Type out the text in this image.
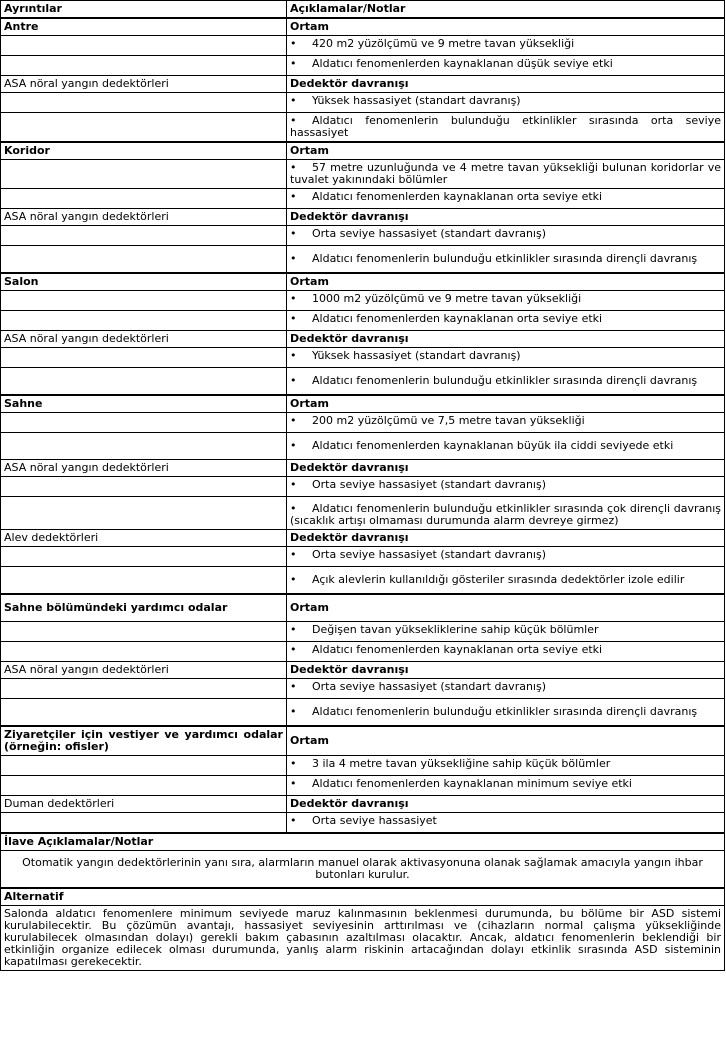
Ayrıntılar	Açıklamalar/Notlar
Antre	Ortam
	• 420 m2 yüzölçümü ve 9 metre tavan yüksekliği
	• Aldatıcı fenomenlerden kaynaklanan düşük seviye etki
ASA nöral yangın dedektörleri	Dedektör davranışı
	• Yüksek hassasiyet (standart davranış)
	• Aldatıcı fenomenlerin bulunduğu etkinlikler sırasında orta seviye hassasiyet
Koridor	Ortam
	• 57 metre uzunluğunda ve 4 metre tavan yüksekliği bulunan koridorlar ve tuvalet yakınındaki bölümler
	• Aldatıcı fenomenlerden kaynaklanan orta seviye etki
ASA nöral yangın dedektörleri	Dedektör davranışı
	• Orta seviye hassasiyet (standart davranış)
	• Aldatıcı fenomenlerin bulunduğu etkinlikler sırasında dirençli davranış
Salon	Ortam
	• 1000 m2 yüzölçümü ve 9 metre tavan yüksekliği
	• Aldatıcı fenomenlerden kaynaklanan orta seviye etki
ASA nöral yangın dedektörleri	Dedektör davranışı
	• Yüksek hassasiyet (standart davranış)
	• Aldatıcı fenomenlerin bulunduğu etkinlikler sırasında dirençli davranış
Sahne	Ortam
	• 200 m2 yüzölçümü ve 7,5 metre tavan yüksekliği
	• Aldatıcı fenomenlerden kaynaklanan büyük ila ciddi seviyede etki
ASA nöral yangın dedektörleri	Dedektör davranışı
	• Orta seviye hassasiyet (standart davranış)
	• Aldatıcı fenomenlerin bulunduğu etkinlikler sırasında çok dirençli davranış (sıcaklık artışı olmaması durumunda alarm devreye girmez)
Alev dedektörleri	Dedektör davranışı
	• Orta seviye hassasiyet (standart davranış)
	• Açık alevlerin kullanıldığı gösteriler sırasında dedektörler izole edilir
Sahne bölümündeki yardımcı odalar	Ortam
	• Değişen tavan yüksekliklerine sahip küçük bölümler
	• Aldatıcı fenomenlerden kaynaklanan orta seviye etki
ASA nöral yangın dedektörleri	Dedektör davranışı
	• Orta seviye hassasiyet (standart davranış)
	• Aldatıcı fenomenlerin bulunduğu etkinlikler sırasında dirençli davranış
Ziyaretçiler için vestiyer ve yardımcı odalar (örneğin: ofisler)	Ortam
	• 3 ila 4 metre tavan yüksekliğine sahip küçük bölümler
	• Aldatıcı fenomenlerden kaynaklanan minimum seviye etki
Duman dedektörleri	Dedektör davranışı
	• Orta seviye hassasiyet
İlave Açıklamalar/Notlar	
Otomatik yangın dedektörlerinin yanı sıra, alarmların manuel olarak aktivasyonuna olanak sağlamak amacıyla yangın ihbar butonları kurulur.	
Alternatif	
Salonda aldatıcı fenomenlere minimum seviyede maruz kalınmasının beklenmesi durumunda, bu bölüme bir ASD sistemi kurulabilecektir. Bu çözümün avantajı, hassasiyet seviyesinin arttırılması ve (cihazların normal çalışma yüksekliğinde kurulabilecek olmasından dolayı) gerekli bakım çabasının azaltılması olacaktır. Ancak, aldatıcı fenomenlerin beklendiği bir etkinliğin organize edilecek olması durumunda, yanlış alarm riskinin artacağından dolayı etkinlik sırasında ASD sisteminin kapatılması gerekecektir.	
